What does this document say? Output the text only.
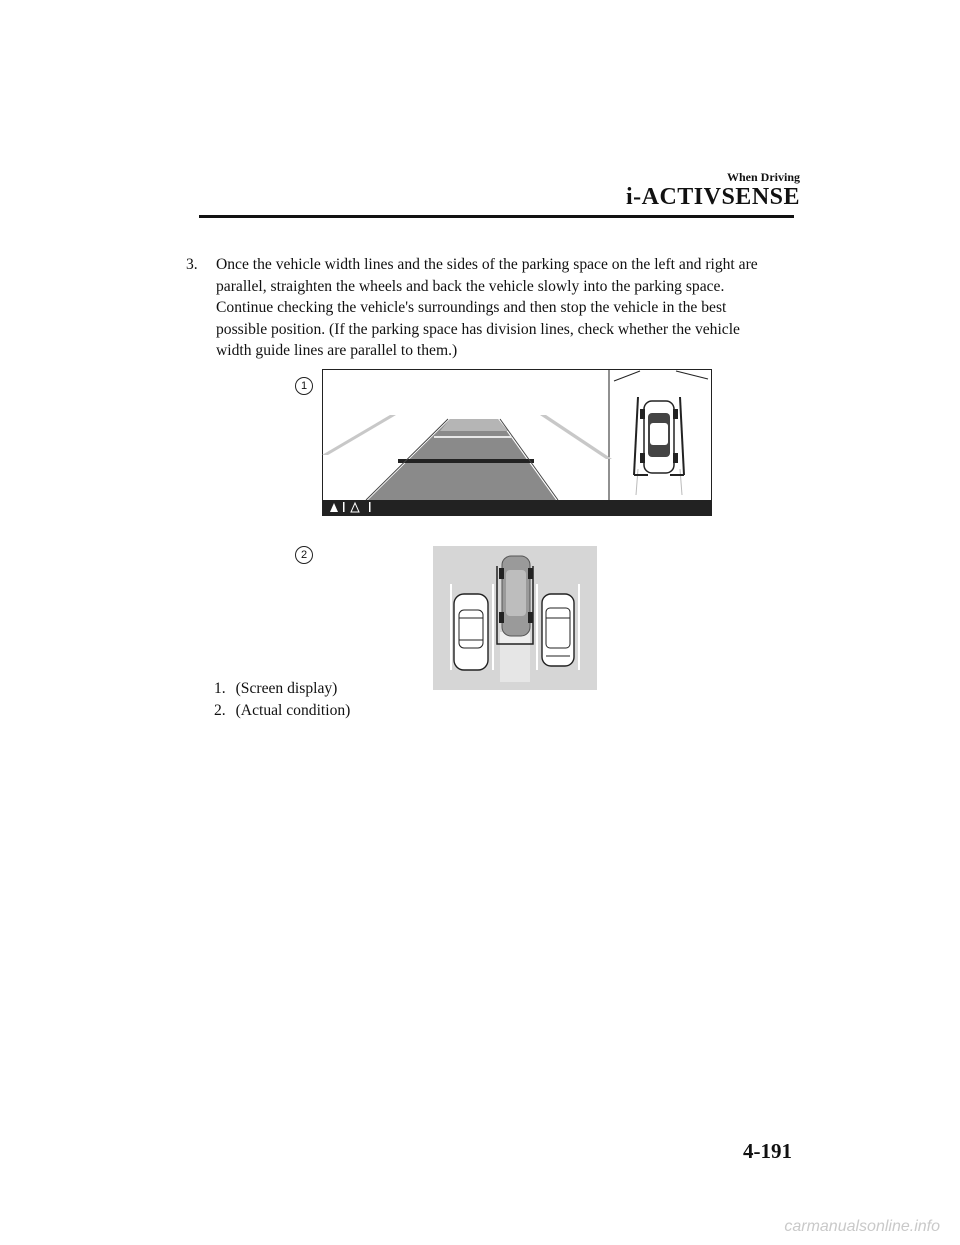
When Driving
i-ACTIVSENSE
3.	Once the vehicle width lines and the sides of the parking space on the left and right are
parallel, straighten the wheels and back the vehicle slowly into the parking space.
Continue checking the vehicle's surroundings and then stop the vehicle in the best
possible position. (If the parking space has division lines, check whether the vehicle
width guide lines are parallel to them.)
1
2
1. (Screen display)
2. (Actual condition)
4-191
carmanualsonline.info
